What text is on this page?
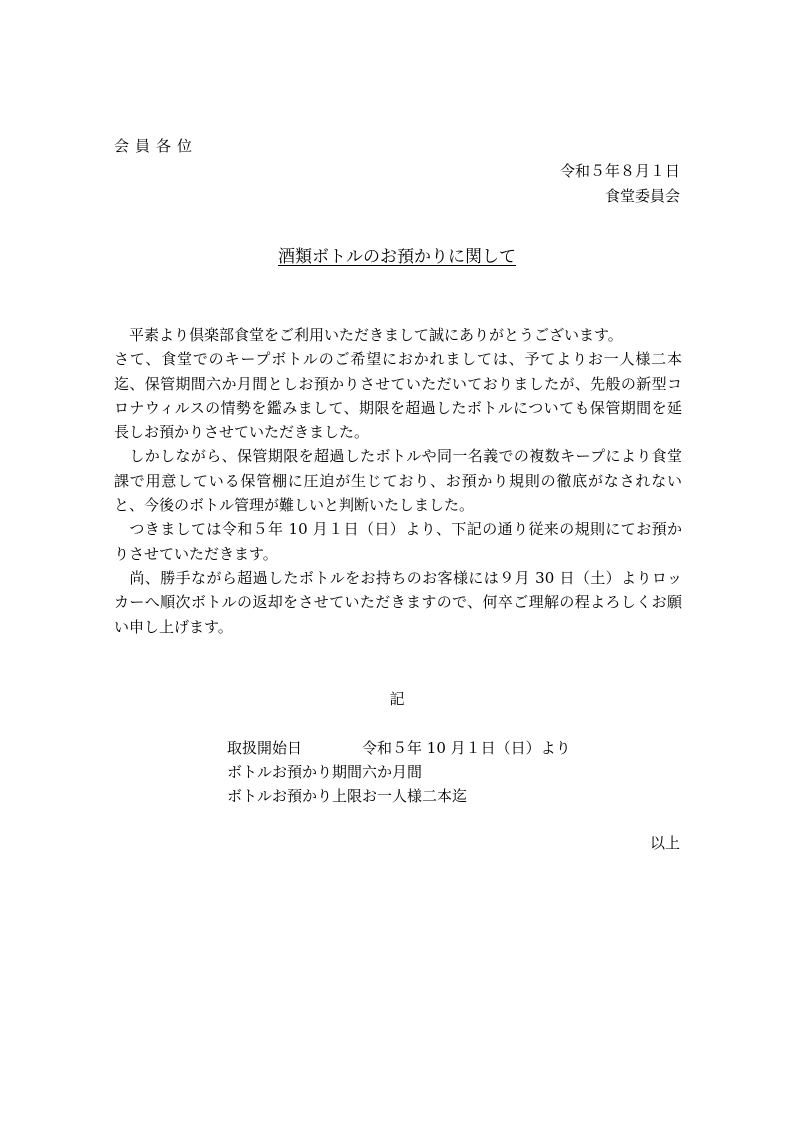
会員各位
令和５年８月１日
食堂委員会
酒類ボトルのお預かりに関して

　平素より倶楽部食堂をご利用いただきまして誠にありがとうございます。
さて、食堂でのキープボトルのご希望におかれましては、予てよりお一人様二本迄、保管期間六か月間としお預かりさせていただいておりましたが、先般の新型コロナウィルスの情勢を鑑みまして、期限を超過したボトルについても保管期間を延長しお預かりさせていただきました。

　しかしながら、保管期限を超過したボトルや同一名義での複数キープにより食堂課で用意している保管棚に圧迫が生じており、お預かり規則の徹底がなされないと、今後のボトル管理が難しいと判断いたしました。

　つきましては令和５年 10 月１日（日）より、下記の通り従来の規則にてお預かりさせていただきます。

　尚、勝手ながら超過したボトルをお持ちのお客様には９月 30 日（土）よりロッカーへ順次ボトルの返却をさせていただきますので、何卒ご理解の程よろしくお願い申し上げます。

記
取扱開始日	令和５年 10 月１日（日）より
ボトルお預かり期間	六か月間
ボトルお預かり上限	お一人様二本迄
以上
